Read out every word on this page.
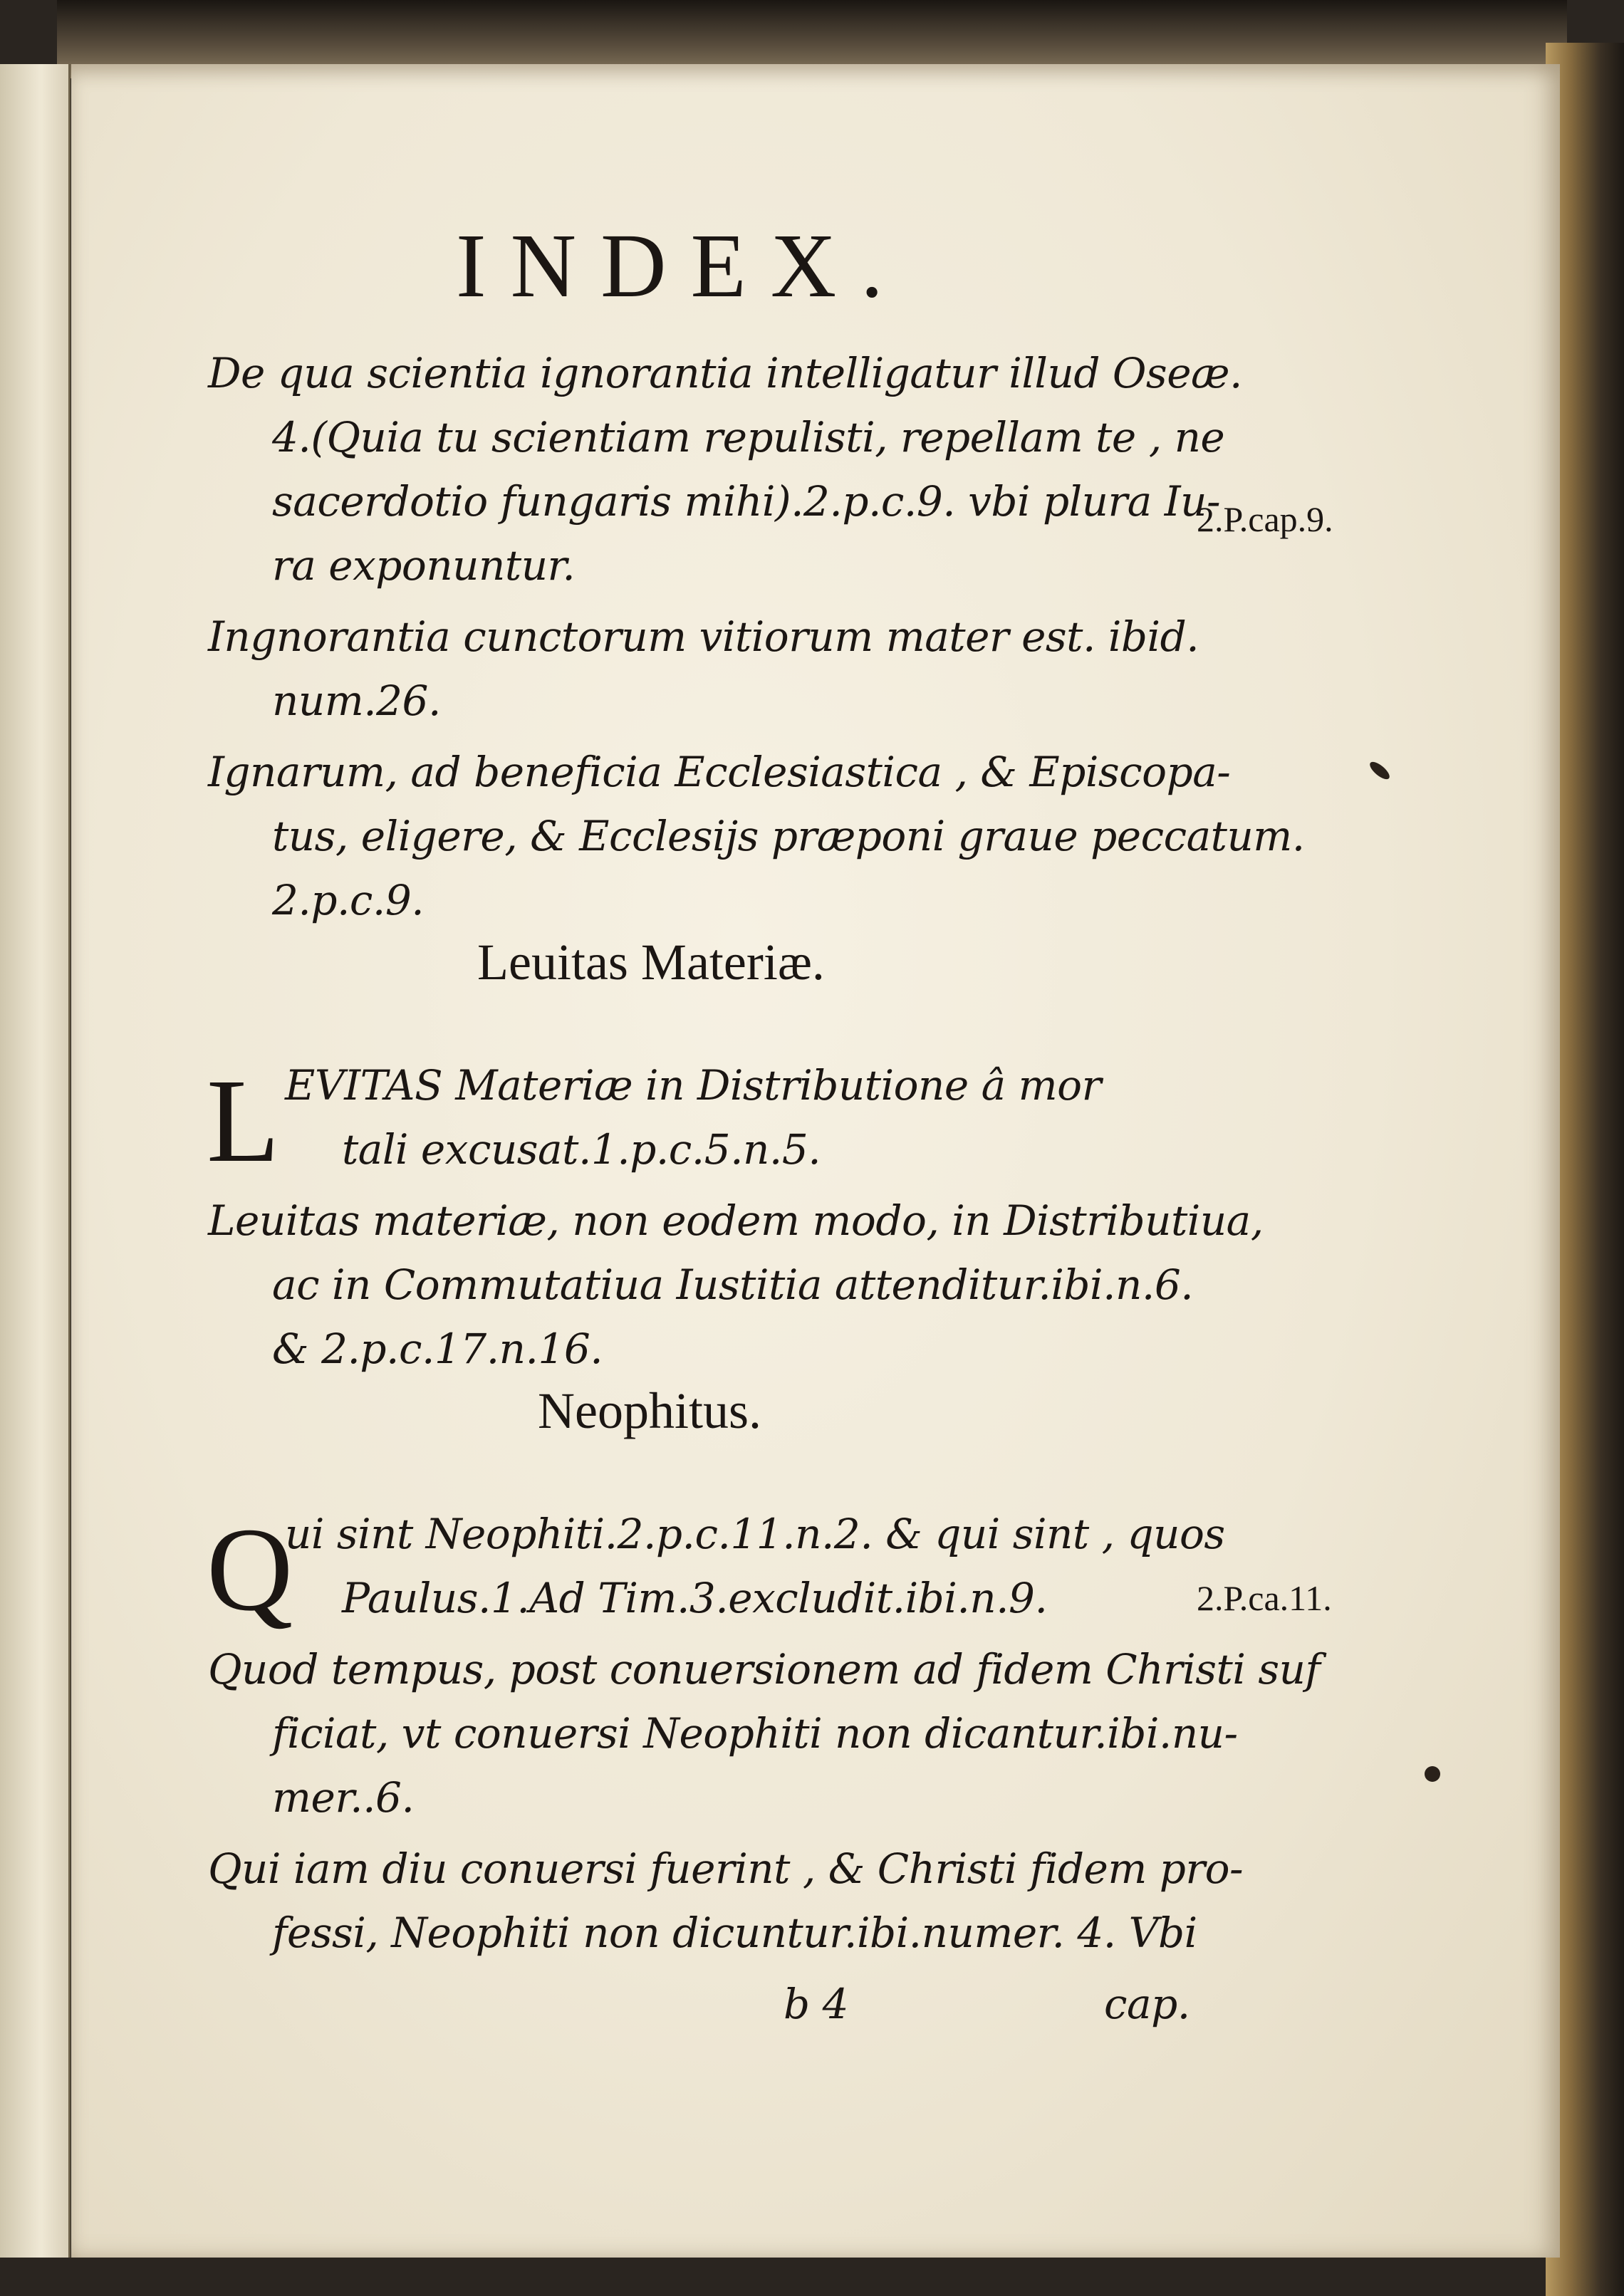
INDEX.
De qua scientia ignorantia intelligatur illud Oseæ.
4.(Quia tu scientiam repulisti, repellam te , ne
sacerdotio fungaris mihi).2.p.c.9. vbi plura Iu-
ra exponuntur.
2.P.cap.9.
Ingnorantia cunctorum vitiorum mater est. ibid.
num.26.
Ignarum, ad beneficia Ecclesiastica , & Episcopa-
tus, eligere, & Ecclesijs præponi graue peccatum.
2.p.c.9.
Leuitas Materiæ.
L EVITAS Materiæ in Distributione â mor
tali excusat.1.p.c.5.n.5.
Leuitas materiæ, non eodem modo, in Distributiua,
ac in Commutatiua Iustitia attenditur.ibi.n.6.
& 2.p.c.17.n.16.
Neophitus.
Q
ui sint Neophiti.2.p.c.11.n.2. & qui sint , quos
Paulus.1.Ad Tim.3.excludit.ibi.n.9.	2.P.ca.11.
Quod tempus, post conuersionem ad fidem Christi suf
ficiat, vt conuersi Neophiti non dicantur.ibi.nu-
mer..6.
Qui iam diu conuersi fuerint , & Christi fidem pro-
fessi, Neophiti non dicuntur.ibi.numer. 4. Vbi
b 4	cap.
